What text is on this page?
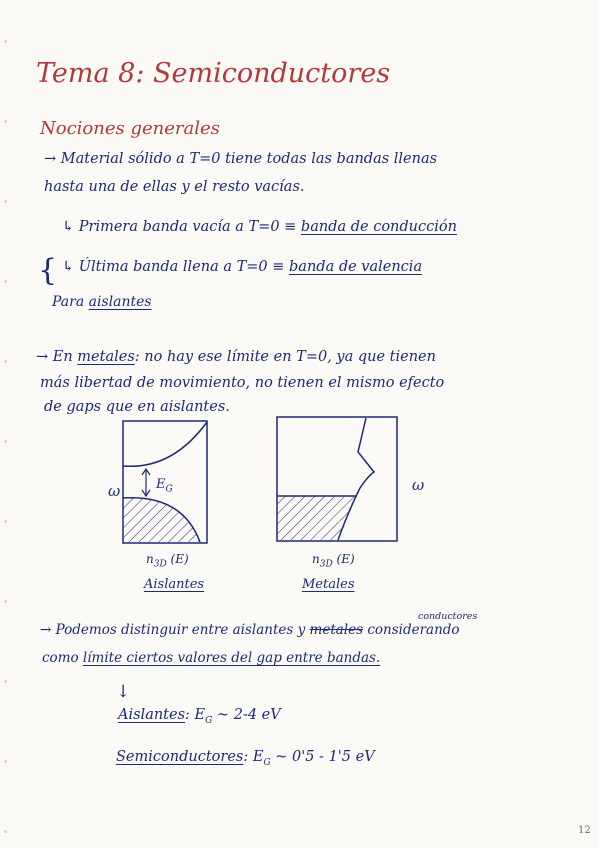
Tema 8: Semiconductores
Nociones generales
→ Material sólido a T=0 tiene todas las bandas llenas
hasta una de ellas y el resto vacías.
↳ Primera banda vacía a T=0 ≡ banda de conducción
{ ↳ Última banda llena a T=0 ≡ banda de valencia
Para aislantes
→ En metales: no hay ese límite en T=0, ya que tienen
más libertad de movimiento, no tienen el mismo efecto
de gaps que en aislantes.
$E_G$
ω
$n_{3D}$ (E)
Aislantes
ω
$n_{3D}$ (E)
Metales
conductores
→ Podemos distinguir entre aislantes y metales considerando
como límite ciertos valores del gap entre bandas.
↓
Aislantes: $E_G$ ~ 2-4 eV
Semiconductores: $E_G$ ~ 0'5 - 1'5 eV
12
